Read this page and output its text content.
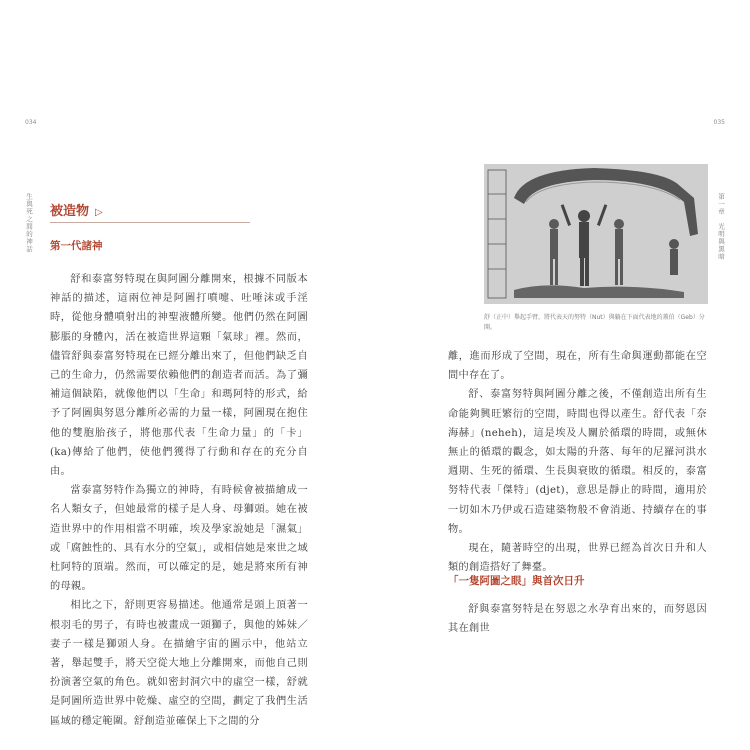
034	035
生與死之間的神話	第一章　光明與黑暗
被造物 ▷
第一代諸神

舒和泰富努特現在與阿圖分離開來，根據不同版本神話的描述，這兩位神是阿圖打噴嚏、吐唾沫或手淫時，從他身體噴射出的神聖液體所變。他們仍然在阿圖膨脹的身體內，活在被造世界這顆「氣球」裡。然而，儘管舒與泰富努特現在已經分離出來了，但他們缺乏自己的生命力，仍然需要依賴他們的創造者而活。為了彌補這個缺陷，就像他們以「生命」和瑪阿特的形式，給予了阿圖與努恩分離所必需的力量一樣，阿圖現在抱住他的雙胞胎孩子，將他那代表「生命力量」的「卡」(ka)傳給了他們，使他們獲得了行動和存在的充分自由。

當泰富努特作為獨立的神時，有時候會被描繪成一名人類女子，但她最常的樣子是人身、母獅頭。她在被造世界中的作用相當不明確，埃及學家說她是「濕氣」或「腐蝕性的、具有水分的空氣」，或相信她是來世之域杜阿特的頂端。然而，可以確定的是，她是將來所有神的母親。

相比之下，舒則更容易描述。他通常是頭上頂著一根羽毛的男子，有時也被畫成一頭獅子，與他的姊妹／妻子一樣是獅頭人身。在描繪宇宙的圖示中，他站立著，舉起雙手，將天空從大地上分離開來，而他自己則扮演著空氣的角色。就如密封洞穴中的虛空一樣，舒就是阿圖所造世界中乾燥、虛空的空間，劃定了我們生活區域的穩定範圍。舒創造並確保上下之間的分

舒（正中）舉起手臂，將代表天的努特（Nut）與躺在下面代表地的蓋伯（Geb）分開。

離，進而形成了空間，現在，所有生命與運動都能在空間中存在了。

舒、泰富努特與阿圖分離之後，不僅創造出所有生命能夠興旺繁衍的空間，時間也得以產生。舒代表「奈海赫」(neheh)，這是埃及人關於循環的時間，或無休無止的循環的觀念，如太陽的升落、每年的尼羅河洪水週期、生死的循環、生長與衰敗的循環。相反的，泰富努特代表「傑特」(djet)，意思是靜止的時間，適用於一切如木乃伊或石造建築物般不會消逝、持續存在的事物。

現在，隨著時空的出現，世界已經為首次日升和人類的創造搭好了舞臺。

「一隻阿圖之眼」與首次日升

舒與泰富努特是在努恩之水孕育出來的，而努恩因其在創世
